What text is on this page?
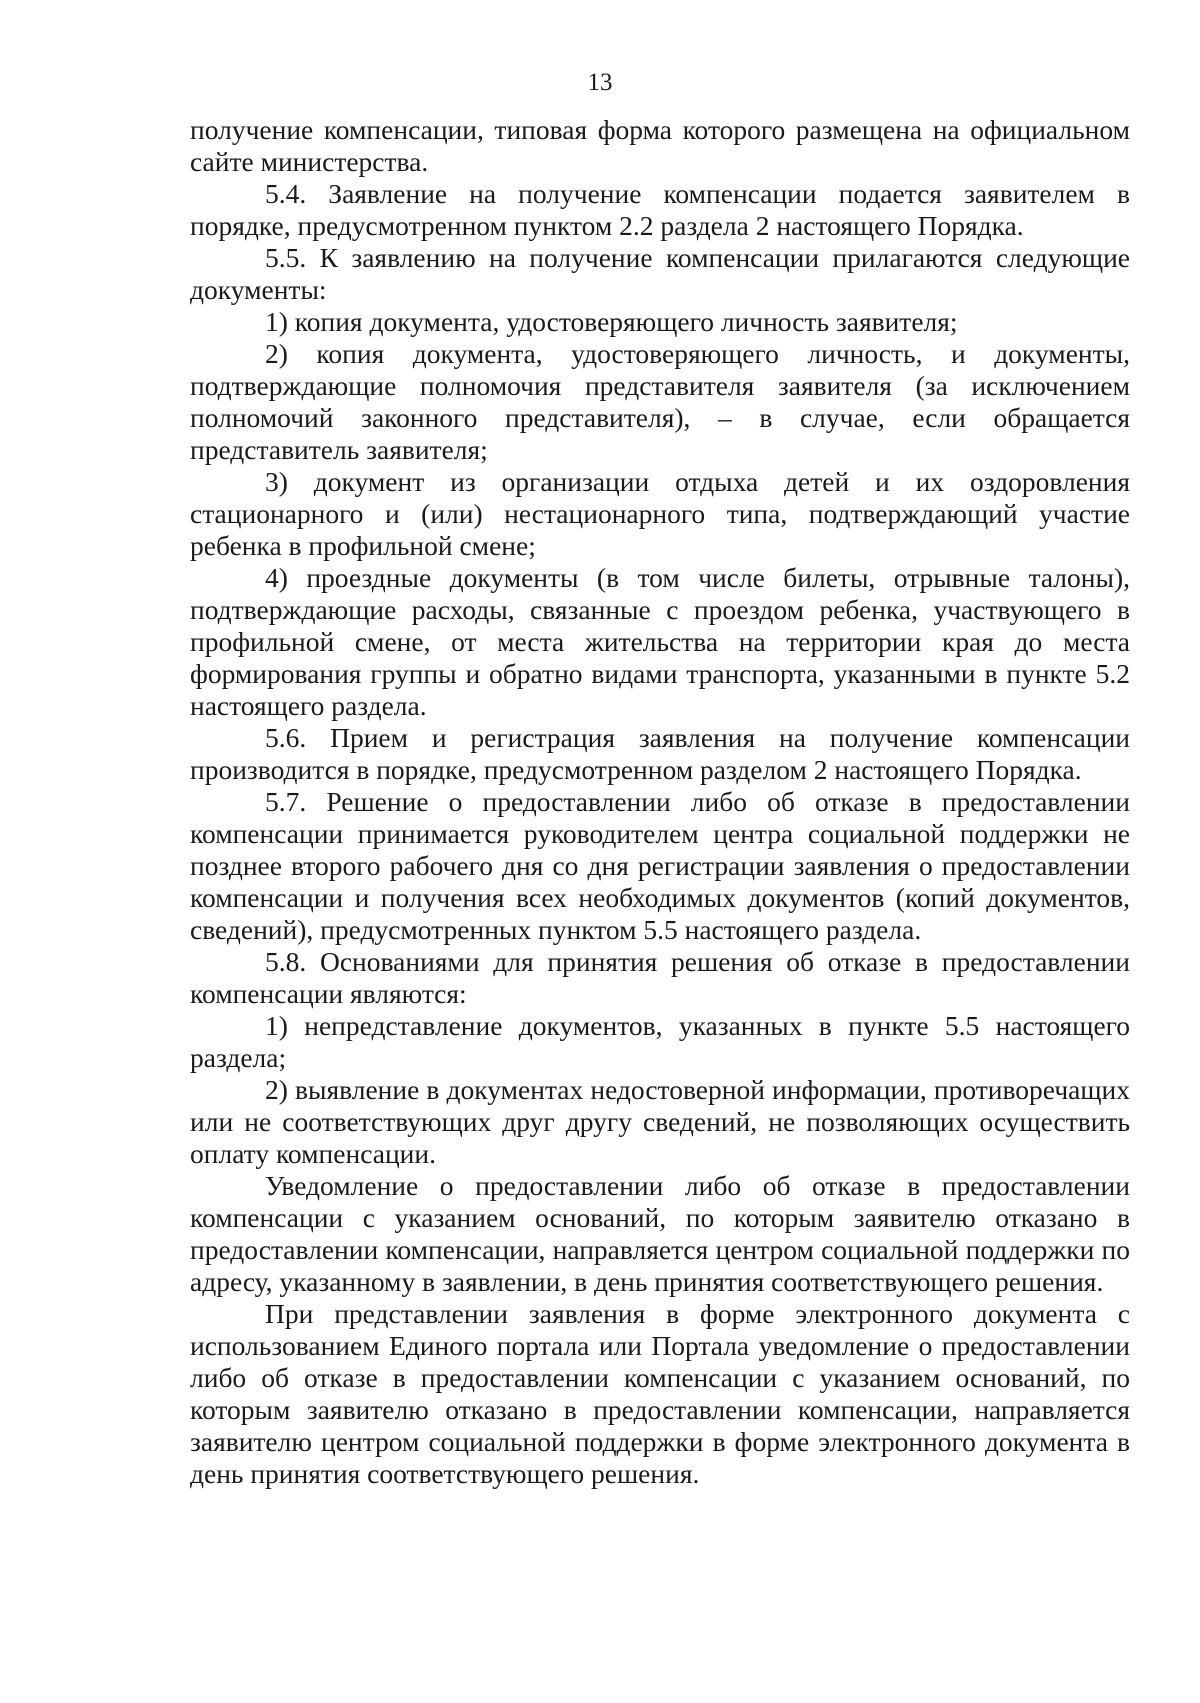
13

получение компенсации, типовая форма которого размещена на официальном сайте министерства.

5.4. Заявление на получение компенсации подается заявителем в порядке, предусмотренном пунктом 2.2 раздела 2 настоящего Порядка.

5.5. К заявлению на получение компенсации прилагаются следующие документы:

1) копия документа, удостоверяющего личность заявителя;

2) копия документа, удостоверяющего личность, и документы, подтверждающие полномочия представителя заявителя (за исключением полномочий законного представителя), – в случае, если обращается представитель заявителя;

3) документ из организации отдыха детей и их оздоровления стационарного и (или) нестационарного типа, подтверждающий участие ребенка в профильной смене;

4) проездные документы (в том числе билеты, отрывные талоны), подтверждающие расходы, связанные с проездом ребенка, участвующего в профильной смене, от места жительства на территории края до места формирования группы и обратно видами транспорта, указанными в пункте 5.2 настоящего раздела.

5.6. Прием и регистрация заявления на получение компенсации производится в порядке, предусмотренном разделом 2 настоящего Порядка.

5.7. Решение о предоставлении либо об отказе в предоставлении компенсации принимается руководителем центра социальной поддержки не позднее второго рабочего дня со дня регистрации заявления о предоставлении компенсации и получения всех необходимых документов (копий документов, сведений), предусмотренных пунктом 5.5 настоящего раздела.

5.8. Основаниями для принятия решения об отказе в предоставлении компенсации являются:

1) непредставление документов, указанных в пункте 5.5 настоящего раздела;

2) выявление в документах недостоверной информации, противоречащих или не соответствующих друг другу сведений, не позволяющих осуществить оплату компенсации.

Уведомление о предоставлении либо об отказе в предоставлении компенсации с указанием оснований, по которым заявителю отказано в предоставлении компенсации, направляется центром социальной поддержки по адресу, указанному в заявлении, в день принятия соответствующего решения.

При представлении заявления в форме электронного документа с использованием Единого портала или Портала уведомление о предоставлении либо об отказе в предоставлении компенсации с указанием оснований, по которым заявителю отказано в предоставлении компенсации, направляется заявителю центром социальной поддержки в форме электронного документа в день принятия соответствующего решения.
